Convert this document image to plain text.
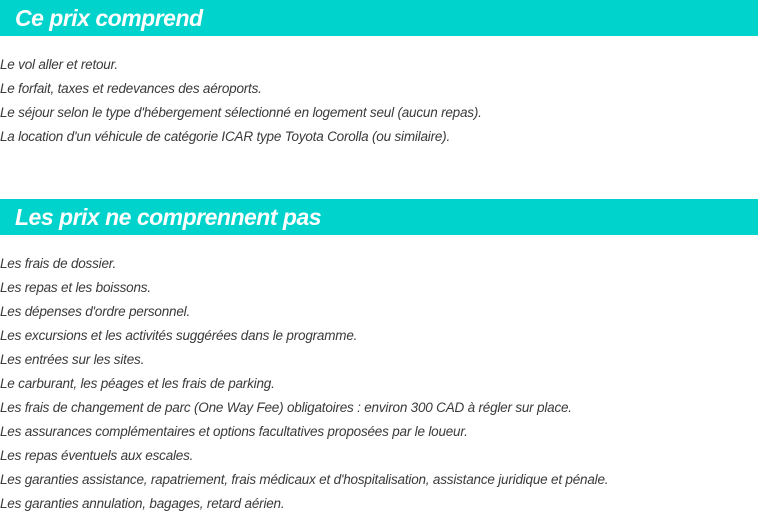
Ce prix comprend
Le vol aller et retour.
Le forfait, taxes et redevances des aéroports.
Le séjour selon le type d'hébergement sélectionné en logement seul (aucun repas).
La location d'un véhicule de catégorie ICAR type Toyota Corolla (ou similaire).
Les prix ne comprennent pas
Les frais de dossier.
Les repas et les boissons.
Les dépenses d'ordre personnel.
Les excursions et les activités suggérées dans le programme.
Les entrées sur les sites.
Le carburant, les péages et les frais de parking.
Les frais de changement de parc (One Way Fee) obligatoires : environ 300 CAD à régler sur place.
Les assurances complémentaires et options facultatives proposées par le loueur.
Les repas éventuels aux escales.
Les garanties assistance, rapatriement, frais médicaux et d'hospitalisation, assistance juridique et pénale.
Les garanties annulation, bagages, retard aérien.
